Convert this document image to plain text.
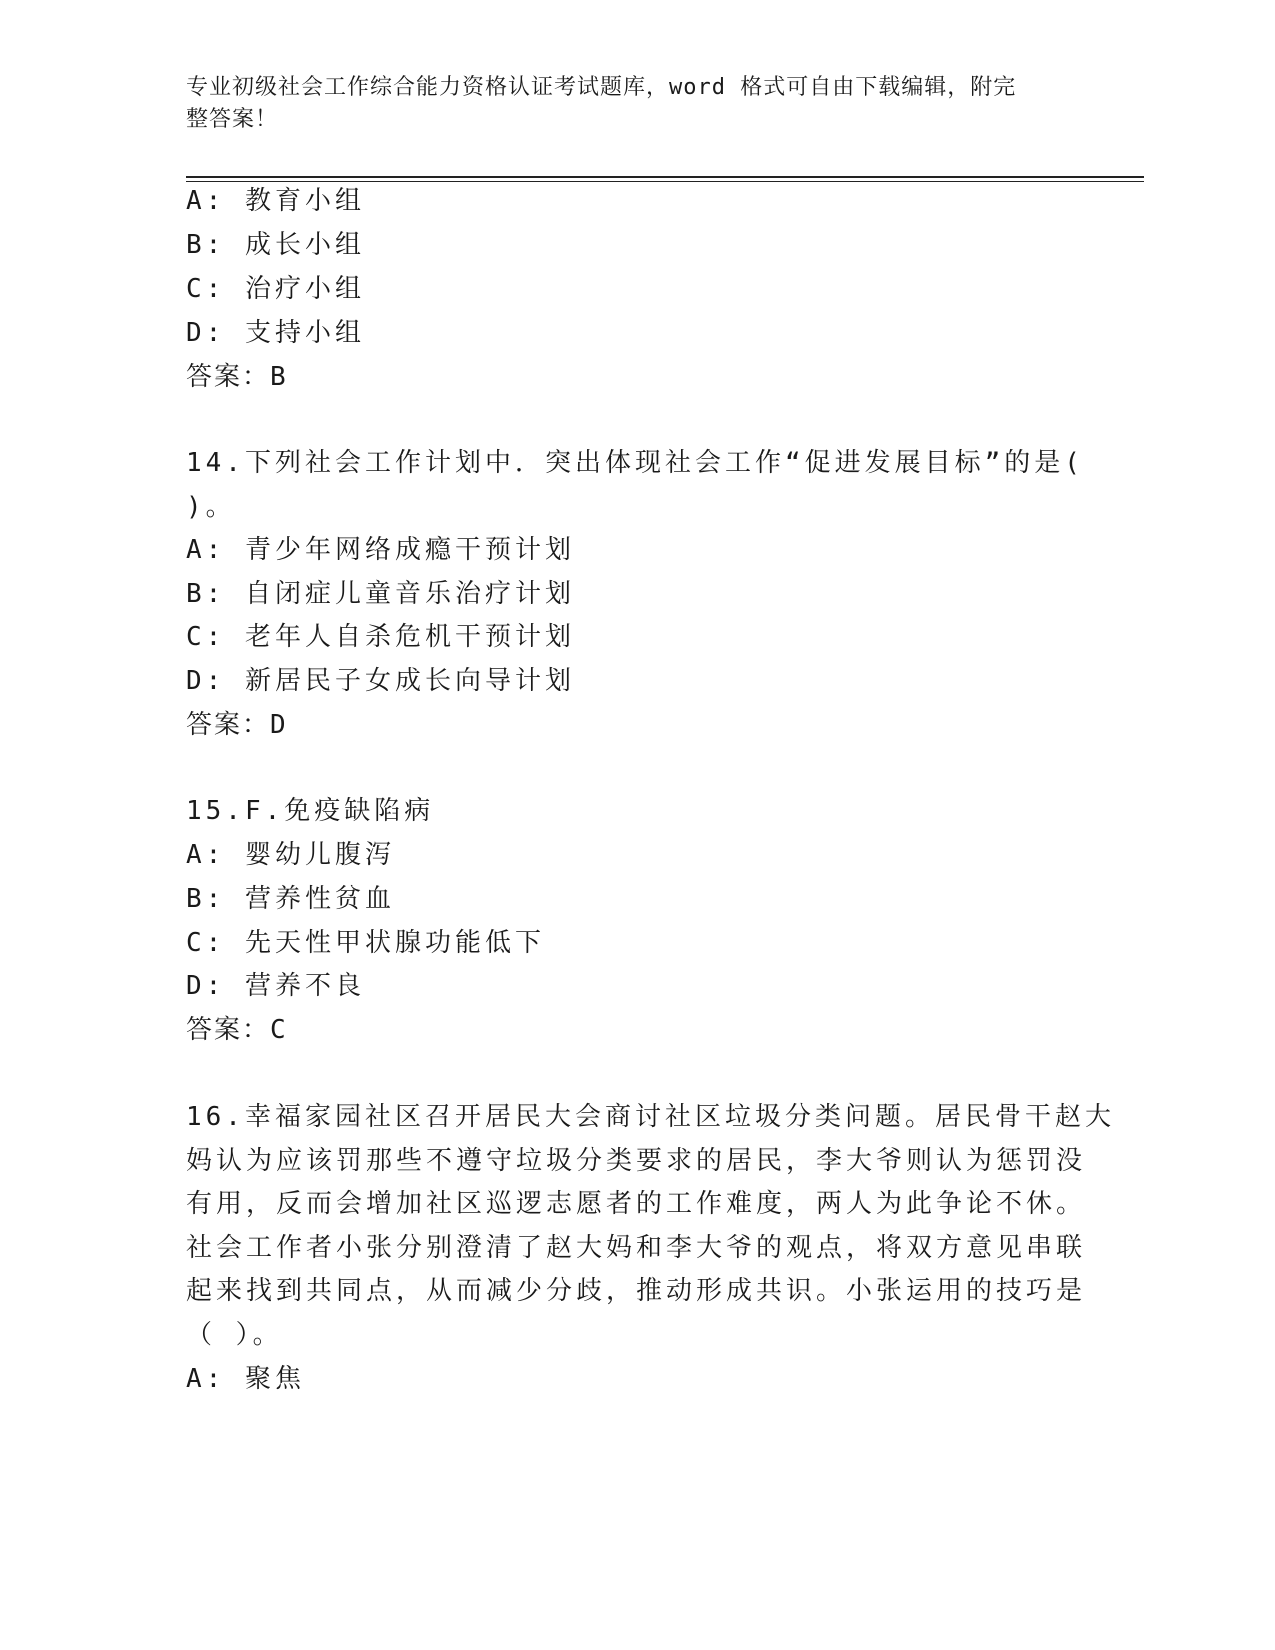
专业初级社会工作综合能力资格认证考试题库，word 格式可自由下载编辑，附完
整答案！
A: 教育小组
B: 成长小组
C: 治疗小组
D: 支持小组
答案：B
14.下列社会工作计划中．突出体现社会工作“促进发展目标”的是(
)。
A: 青少年网络成瘾干预计划
B: 自闭症儿童音乐治疗计划
C: 老年人自杀危机干预计划
D: 新居民子女成长向导计划
答案：D
15.F.免疫缺陷病
A: 婴幼儿腹泻
B: 营养性贫血
C: 先天性甲状腺功能低下
D: 营养不良
答案：C
16.幸福家园社区召开居民大会商讨社区垃圾分类问题。居民骨干赵大
妈认为应该罚那些不遵守垃圾分类要求的居民，李大爷则认为惩罚没
有用，反而会增加社区巡逻志愿者的工作难度，两人为此争论不休。
社会工作者小张分别澄清了赵大妈和李大爷的观点，将双方意见串联
起来找到共同点，从而减少分歧，推动形成共识。小张运用的技巧是
（ ）。
A: 聚焦
